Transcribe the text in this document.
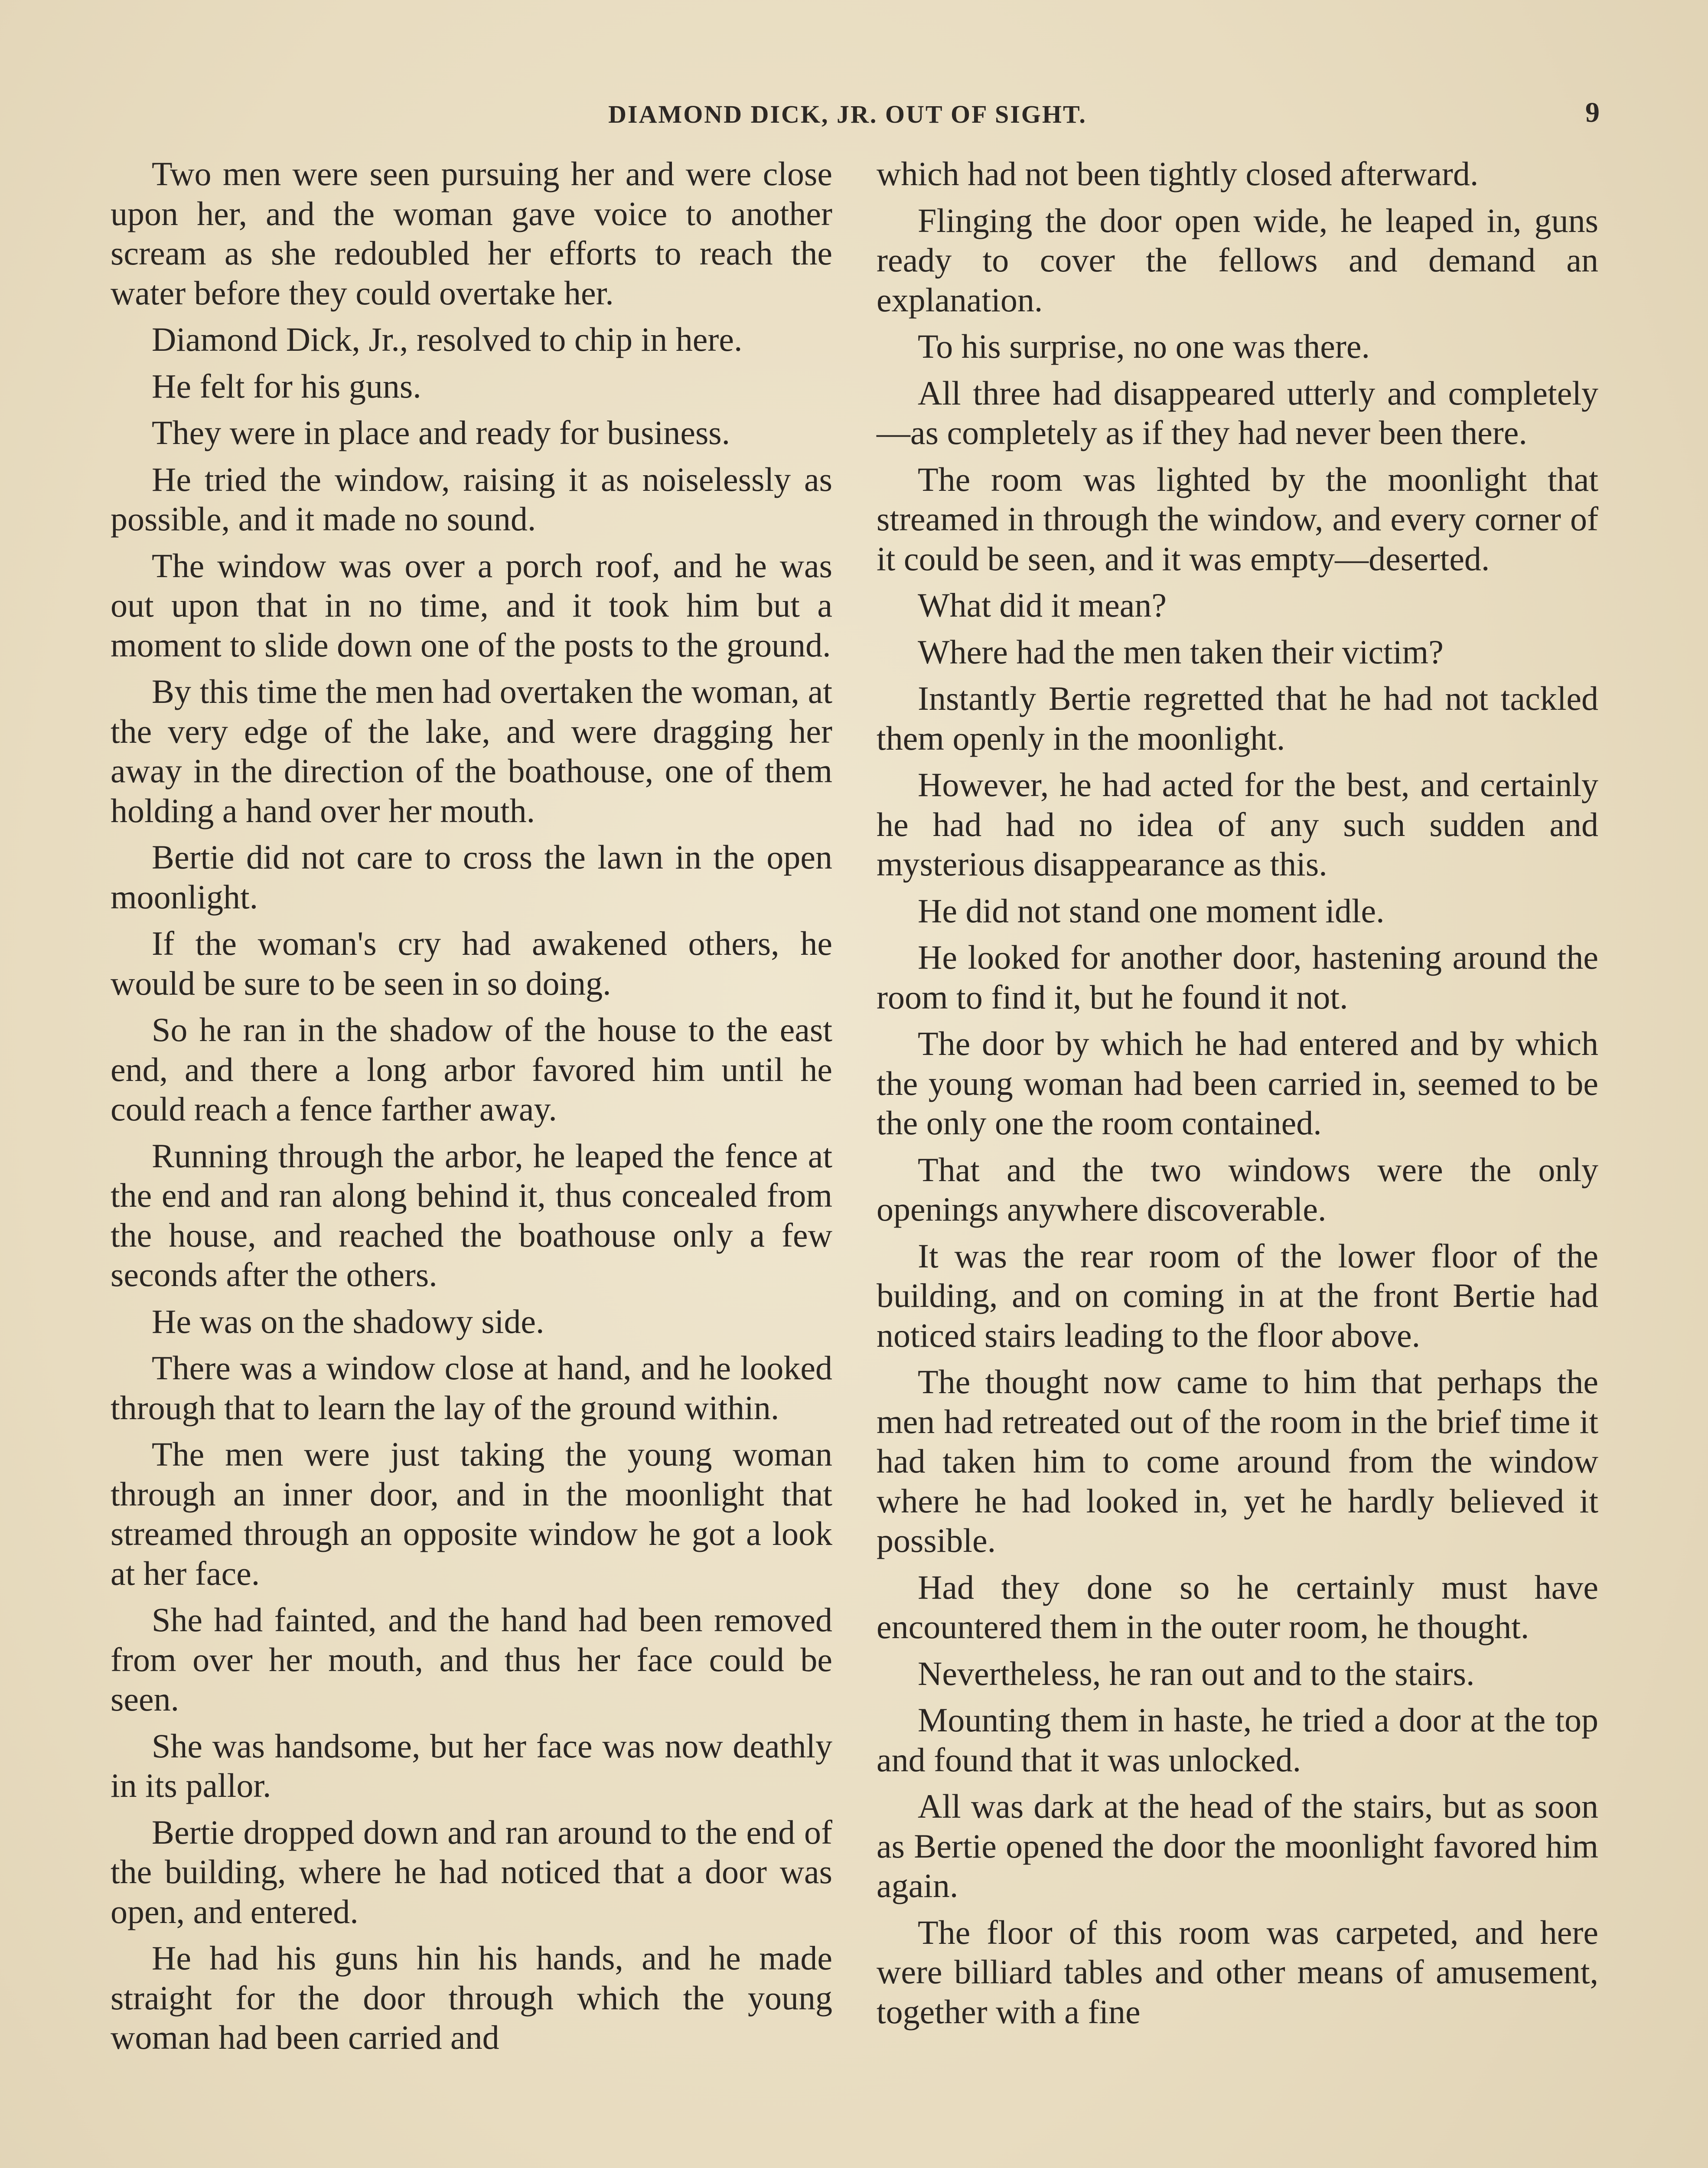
DIAMOND DICK, JR. OUT OF SIGHT.	9

Two men were seen pursuing her and were close upon her, and the woman gave voice to another scream as she redoubled her efforts to reach the water before they could overtake her.

Diamond Dick, Jr., resolved to chip in here.

He felt for his guns.

They were in place and ready for business.

He tried the window, raising it as noiselessly as possible, and it made no sound.

The window was over a porch roof, and he was out upon that in no time, and it took him but a moment to slide down one of the posts to the ground.

By this time the men had overtaken the woman, at the very edge of the lake, and were dragging her away in the direction of the boathouse, one of them holding a hand over her mouth.

Bertie did not care to cross the lawn in the open moonlight.

If the woman's cry had awakened others, he would be sure to be seen in so doing.

So he ran in the shadow of the house to the east end, and there a long arbor favored him until he could reach a fence farther away.

Running through the arbor, he leaped the fence at the end and ran along behind it, thus concealed from the house, and reached the boathouse only a few seconds after the others.

He was on the shadowy side.

There was a window close at hand, and he looked through that to learn the lay of the ground within.

The men were just taking the young woman through an inner door, and in the moonlight that streamed through an opposite window he got a look at her face.

She had fainted, and the hand had been removed from over her mouth, and thus her face could be seen.

She was handsome, but her face was now deathly in its pallor.

Bertie dropped down and ran around to the end of the building, where he had noticed that a door was open, and entered.

He had his guns hin his hands, and he made straight for the door through which the young woman had been carried and

which had not been tightly closed afterward.

Flinging the door open wide, he leaped in, guns ready to cover the fellows and demand an explanation.

To his surprise, no one was there.

All three had disappeared utterly and completely—as completely as if they had never been there.

The room was lighted by the moonlight that streamed in through the window, and every corner of it could be seen, and it was empty—deserted.

What did it mean?

Where had the men taken their victim?

Instantly Bertie regretted that he had not tackled them openly in the moonlight.

However, he had acted for the best, and certainly he had had no idea of any such sudden and mysterious disappearance as this.

He did not stand one moment idle.

He looked for another door, hastening around the room to find it, but he found it not.

The door by which he had entered and by which the young woman had been carried in, seemed to be the only one the room contained.

That and the two windows were the only openings anywhere discoverable.

It was the rear room of the lower floor of the building, and on coming in at the front Bertie had noticed stairs leading to the floor above.

The thought now came to him that perhaps the men had retreated out of the room in the brief time it had taken him to come around from the window where he had looked in, yet he hardly believed it possible.

Had they done so he certainly must have encountered them in the outer room, he thought.

Nevertheless, he ran out and to the stairs.

Mounting them in haste, he tried a door at the top and found that it was unlocked.

All was dark at the head of the stairs, but as soon as Bertie opened the door the moonlight favored him again.

The floor of this room was carpeted, and here were billiard tables and other means of amusement, together with a fine
